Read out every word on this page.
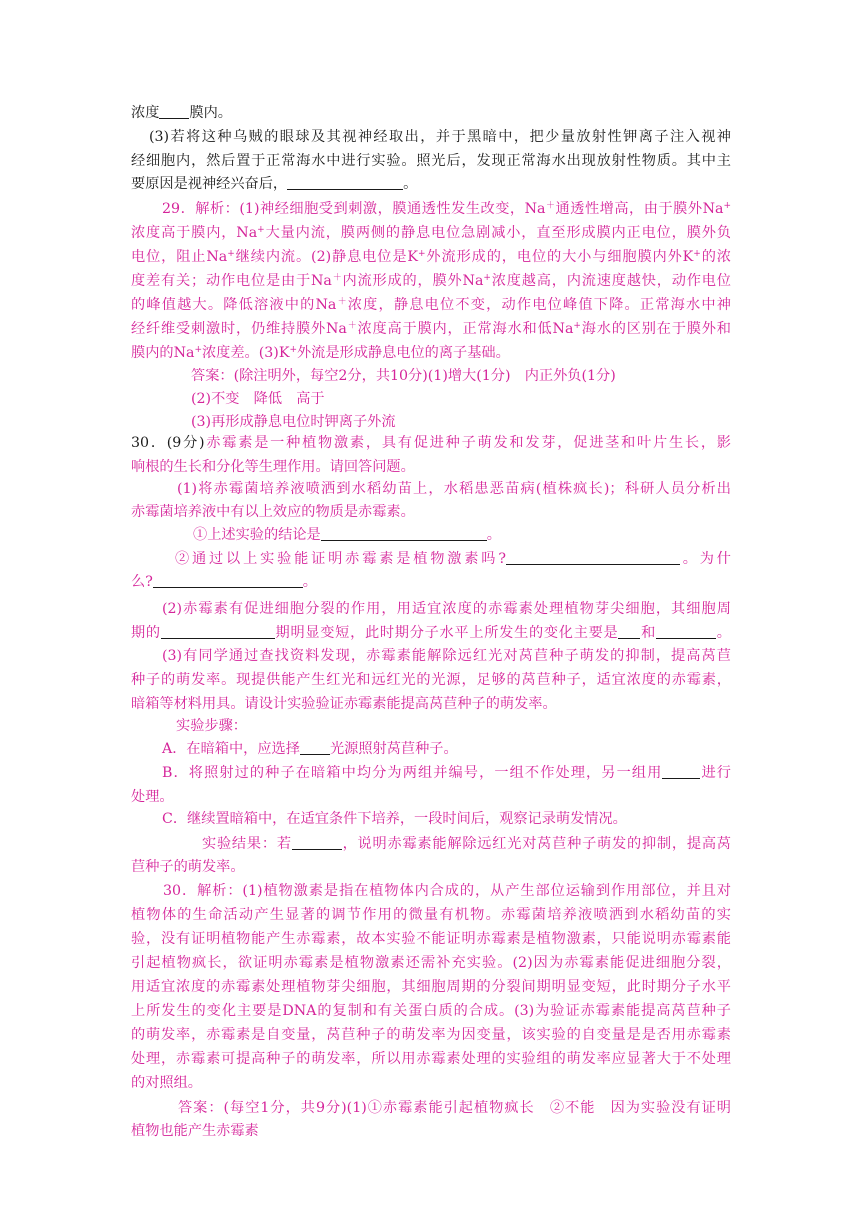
浓度 膜内。
(3)若将这种乌贼的眼球及其视神经取出，并于黑暗中，把少量放射性钾离子注入视神
经细胞内，然后置于正常海水中进行实验。照光后，发现正常海水出现放射性物质。其中主
要原因是视神经兴奋后，	。
29．解析：(1)神经细胞受到刺激，膜通透性发生改变，Na＋通透性增高，由于膜外Na+
浓度高于膜内，Na+大量内流，膜两侧的静息电位急剧减小，直至形成膜内正电位，膜外负
电位，阻止Na+继续内流。(2)静息电位是K+外流形成的，电位的大小与细胞膜内外K+的浓
度差有关；动作电位是由于Na＋内流形成的，膜外Na+浓度越高，内流速度越快，动作电位
的峰值越大。降低溶液中的Na＋浓度，静息电位不变，动作电位峰值下降。正常海水中神
经纤维受刺激时，仍维持膜外Na＋浓度高于膜内，正常海水和低Na+海水的区别在于膜外和
膜内的Na+浓度差。(3)K+外流是形成静息电位的离子基础。
答案：(除注明外，每空2分，共10分)(1)增大(1分)　内正外负(1分)
(2)不变　降低　高于
(3)再形成静息电位时钾离子外流
30．(9分)赤霉素是一种植物激素，具有促进种子萌发和发芽，促进茎和叶片生长，影
响根的生长和分化等生理作用。请回答问题。
(1)将赤霉菌培养液喷洒到水稻幼苗上，水稻患恶苗病(植株疯长)；科研人员分析出
赤霉菌培养液中有以上效应的物质是赤霉素。
①上述实验的结论是	。
②通过以上实验能证明赤霉素是植物激素吗?	。为什
么?	。
(2)赤霉素有促进细胞分裂的作用，用适宜浓度的赤霉素处理植物芽尖细胞，其细胞周
期的	期明显变短，此时期分子水平上所发生的变化主要是 和	。
(3)有同学通过查找资料发现，赤霉素能解除远红光对莴苣种子萌发的抑制，提高莴苣
种子的萌发率。现提供能产生红光和远红光的光源，足够的莴苣种子，适宜浓度的赤霉素，
暗箱等材料用具。请设计实验验证赤霉素能提高莴苣种子的萌发率。
实验步骤：
A．在暗箱中，应选择 光源照射莴苣种子。
B．将照射过的种子在暗箱中均分为两组并编号，一组不作处理，另一组用	进行
处理。
C．继续置暗箱中，在适宜条件下培养，一段时间后，观察记录萌发情况。
实验结果：若	，说明赤霉素能解除远红光对莴苣种子萌发的抑制，提高莴
苣种子的萌发率。
30．解析：(1)植物激素是指在植物体内合成的，从产生部位运输到作用部位，并且对
植物体的生命活动产生显著的调节作用的微量有机物。赤霉菌培养液喷洒到水稻幼苗的实
验，没有证明植物能产生赤霉素，故本实验不能证明赤霉素是植物激素，只能说明赤霉素能
引起植物疯长，欲证明赤霉素是植物激素还需补充实验。(2)因为赤霉素能促进细胞分裂，
用适宜浓度的赤霉素处理植物芽尖细胞，其细胞周期的分裂间期明显变短，此时期分子水平
上所发生的变化主要是DNA的复制和有关蛋白质的合成。(3)为验证赤霉素能提高莴苣种子
的萌发率，赤霉素是自变量，莴苣种子的萌发率为因变量，该实验的自变量是是否用赤霉素
处理，赤霉素可提高种子的萌发率，所以用赤霉素处理的实验组的萌发率应显著大于不处理
的对照组。
答案：(每空1分，共9分)(1)①赤霉素能引起植物疯长　②不能　因为实验没有证明
植物也能产生赤霉素
